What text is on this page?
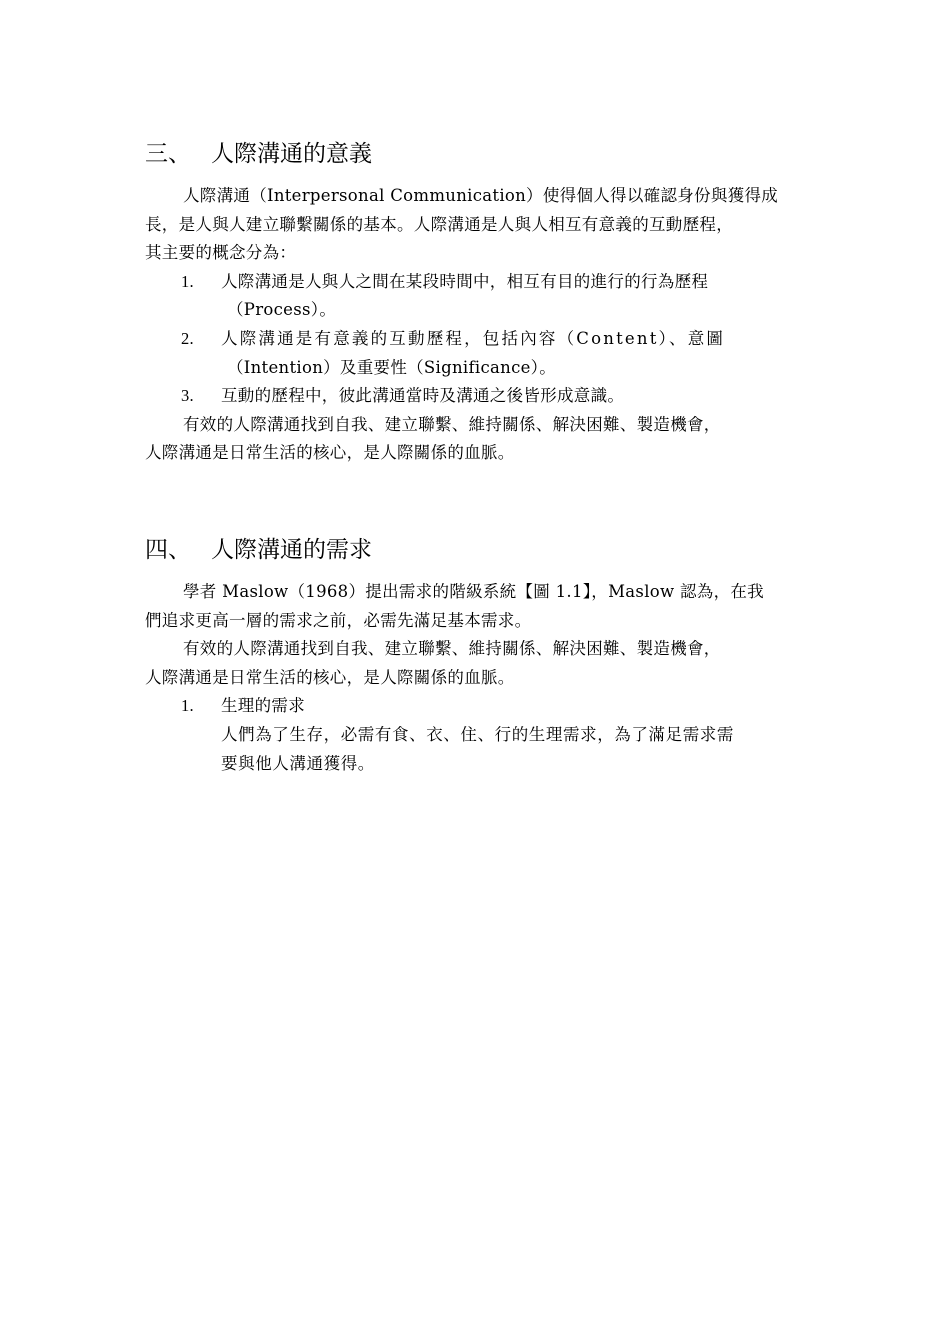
三、 人際溝通的意義

人際溝通（Interpersonal Communication）使得個人得以確認身份與獲得成
長，是人與人建立聯繫關係的基本。人際溝通是人與人相互有意義的互動歷程，
其主要的概念分為：

1. 人際溝通是人與人之間在某段時間中，相互有目的進行的行為歷程
（Process）。
2. 人際溝通是有意義的互動歷程，包括內容（Content）、意圖
（Intention）及重要性（Significance）。
3. 互動的歷程中，彼此溝通當時及溝通之後皆形成意識。

有效的人際溝通找到自我、建立聯繫、維持關係、解決困難、製造機會，
人際溝通是日常生活的核心，是人際關係的血脈。

四、 人際溝通的需求

學者 Maslow（1968）提出需求的階級系統【圖 1.1】，Maslow 認為，在我
們追求更高一層的需求之前，必需先滿足基本需求。

有效的人際溝通找到自我、建立聯繫、維持關係、解決困難、製造機會，
人際溝通是日常生活的核心，是人際關係的血脈。

1. 生理的需求

人們為了生存，必需有食、衣、住、行的生理需求，為了滿足需求需
要與他人溝通獲得。
